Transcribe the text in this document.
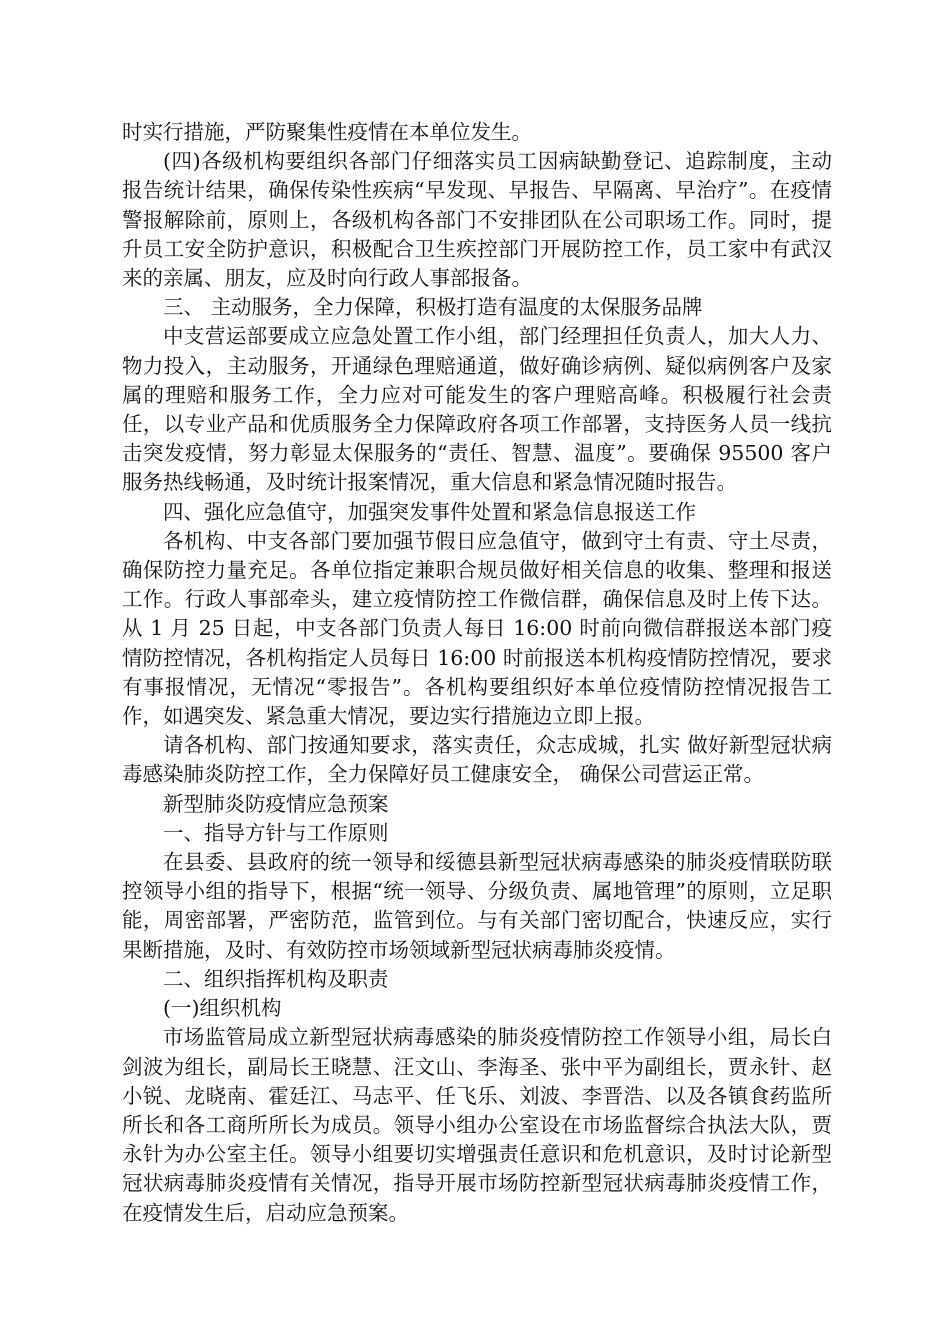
时实行措施，严防聚集性疫情在本单位发生。

(四)各级机构要组织各部门仔细落实员工因病缺勤登记、追踪制度，主动报告统计结果，确保传染性疾病“早发现、早报告、早隔离、早治疗”。在疫情警报解除前，原则上，各级机构各部门不安排团队在公司职场工作。同时，提升员工安全防护意识，积极配合卫生疾控部门开展防控工作，员工家中有武汉来的亲属、朋友，应及时向行政人事部报备。

三、 主动服务，全力保障，积极打造有温度的太保服务品牌

中支营运部要成立应急处置工作小组，部门经理担任负责人，加大人力、物力投入，主动服务，开通绿色理赔通道，做好确诊病例、疑似病例客户及家属的理赔和服务工作，全力应对可能发生的客户理赔高峰。积极履行社会责任，以专业产品和优质服务全力保障政府各项工作部署，支持医务人员一线抗击突发疫情，努力彰显太保服务的“责任、智慧、温度”。要确保 95500 客户服务热线畅通，及时统计报案情况，重大信息和紧急情况随时报告。

四、强化应急值守，加强突发事件处置和紧急信息报送工作

各机构、中支各部门要加强节假日应急值守，做到守土有责、守土尽责，确保防控力量充足。各单位指定兼职合规员做好相关信息的收集、整理和报送工作。行政人事部牵头，建立疫情防控工作微信群，确保信息及时上传下达。从 1 月 25 日起，中支各部门负责人每日 16:00 时前向微信群报送本部门疫情防控情况，各机构指定人员每日 16:00 时前报送本机构疫情防控情况，要求有事报情况，无情况“零报告”。各机构要组织好本单位疫情防控情况报告工作，如遇突发、紧急重大情况，要边实行措施边立即上报。

请各机构、部门按通知要求，落实责任，众志成城，扎实 做好新型冠状病毒感染肺炎防控工作，全力保障好员工健康安全， 确保公司营运正常。

新型肺炎防疫情应急预案

一、指导方针与工作原则

在县委、县政府的统一领导和绥德县新型冠状病毒感染的肺炎疫情联防联控领导小组的指导下，根据“统一领导、分级负责、属地管理”的原则，立足职能，周密部署，严密防范，监管到位。与有关部门密切配合，快速反应，实行果断措施，及时、有效防控市场领域新型冠状病毒肺炎疫情。

二、组织指挥机构及职责

(一)组织机构

市场监管局成立新型冠状病毒感染的肺炎疫情防控工作领导小组，局长白剑波为组长，副局长王晓慧、汪文山、李海圣、张中平为副组长，贾永针、赵小锐、龙晓南、霍廷江、马志平、任飞乐、刘波、李晋浩、以及各镇食药监所所长和各工商所所长为成员。领导小组办公室设在市场监督综合执法大队，贾永针为办公室主任。领导小组要切实增强责任意识和危机意识，及时讨论新型冠状病毒肺炎疫情有关情况，指导开展市场防控新型冠状病毒肺炎疫情工作，在疫情发生后，启动应急预案。
